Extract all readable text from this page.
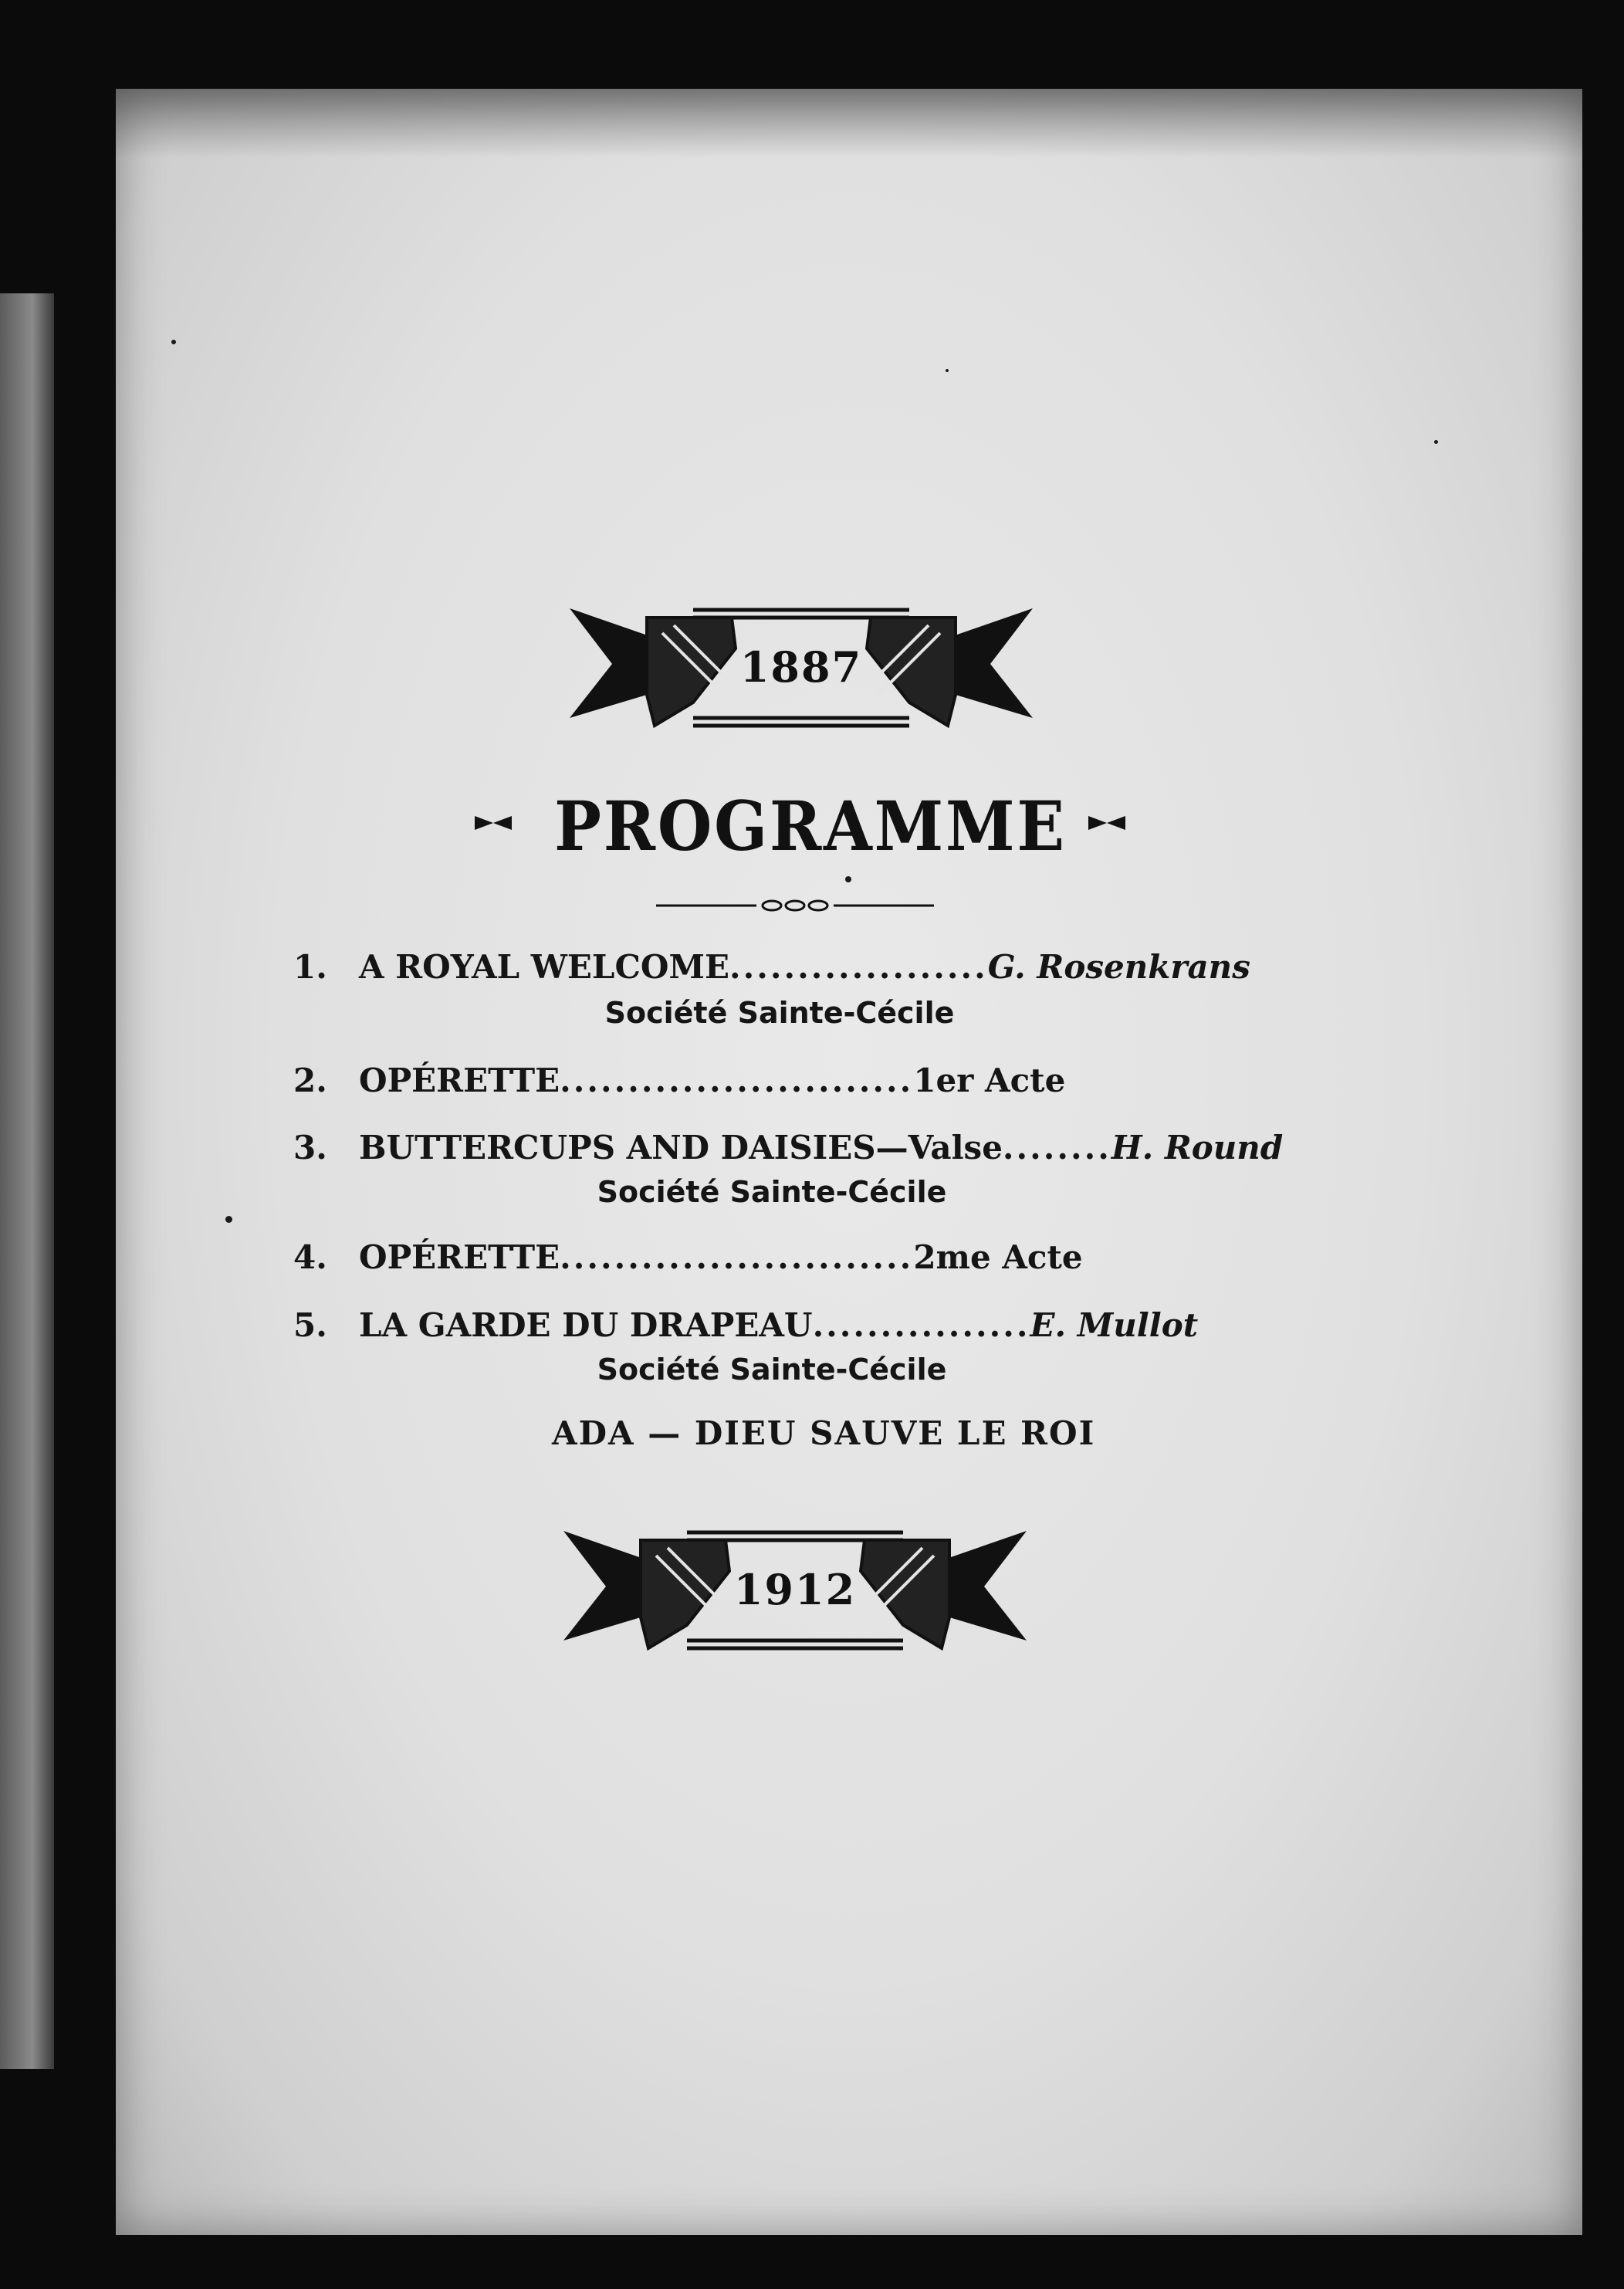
1887
PROGRAMME
1. A ROYAL WELCOME...................G. Rosenkrans
Société Sainte-Cécile
2. OPÉRETTE..........................1er Acte
3. BUTTERCUPS AND DAISIES—Valse........H. Round
Société Sainte-Cécile
4. OPÉRETTE..........................2me Acte
5. LA GARDE DU DRAPEAU................E. Mullot
Société Sainte-Cécile
ADA — DIEU SAUVE LE ROI
1912
